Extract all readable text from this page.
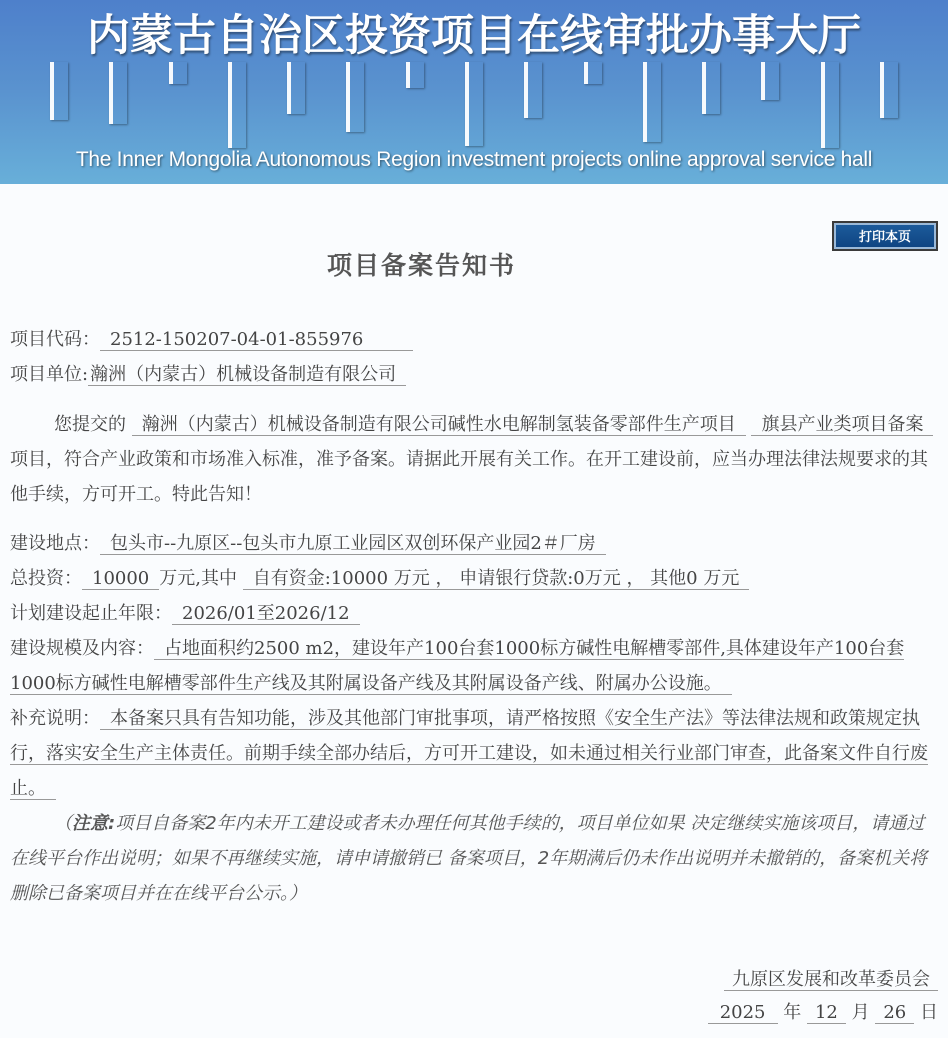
内蒙古自治区投资项目在线审批办事大厅
The Inner Mongolia Autonomous Region investment projects online approval service hall
打印本页
项目备案告知书
项目代码： 2512-150207-04-01-855976
项目单位: 瀚洲（内蒙古）机械设备制造有限公司
您提交的 瀚洲（内蒙古）机械设备制造有限公司碱性水电解制氢装备零部件生产项目 旗县产业类项目备案 项目，符合产业政策和市场准入标准，准予备案。请据此开展有关工作。在开工建设前，应当办理法律法规要求的其他手续，方可开工。特此告知！
建设地点： 包头市--九原区--包头市九原工业园区双创环保产业园2＃厂房
总投资： 10000 万元,其中 自有资金:10000 万元 ， 申请银行贷款:0万元 ， 其他0 万元
计划建设起止年限： 2026/01至2026/12
建设规模及内容： 占地面积约2500 m2，建设年产100台套1000标方碱性电解槽零部件,具体建设年产100台套1000标方碱性电解槽零部件生产线及其附属设备产线及其附属设备产线、附属办公设施。
补充说明： 本备案只具有告知功能，涉及其他部门审批事项，请严格按照《安全生产法》等法律法规和政策规定执行，落实安全生产主体责任。前期手续全部办结后，方可开工建设，如未通过相关行业部门审查，此备案文件自行废止。
（注意:项目自备案2年内未开工建设或者未办理任何其他手续的，项目单位如果 决定继续实施该项目，请通过在线平台作出说明；如果不再继续实施，请申请撤销已 备案项目，2年期满后仍未作出说明并未撤销的，备案机关将删除已备案项目并在在线平台公示。）
九原区发展和改革委员会
2025 年 12 月 26 日
